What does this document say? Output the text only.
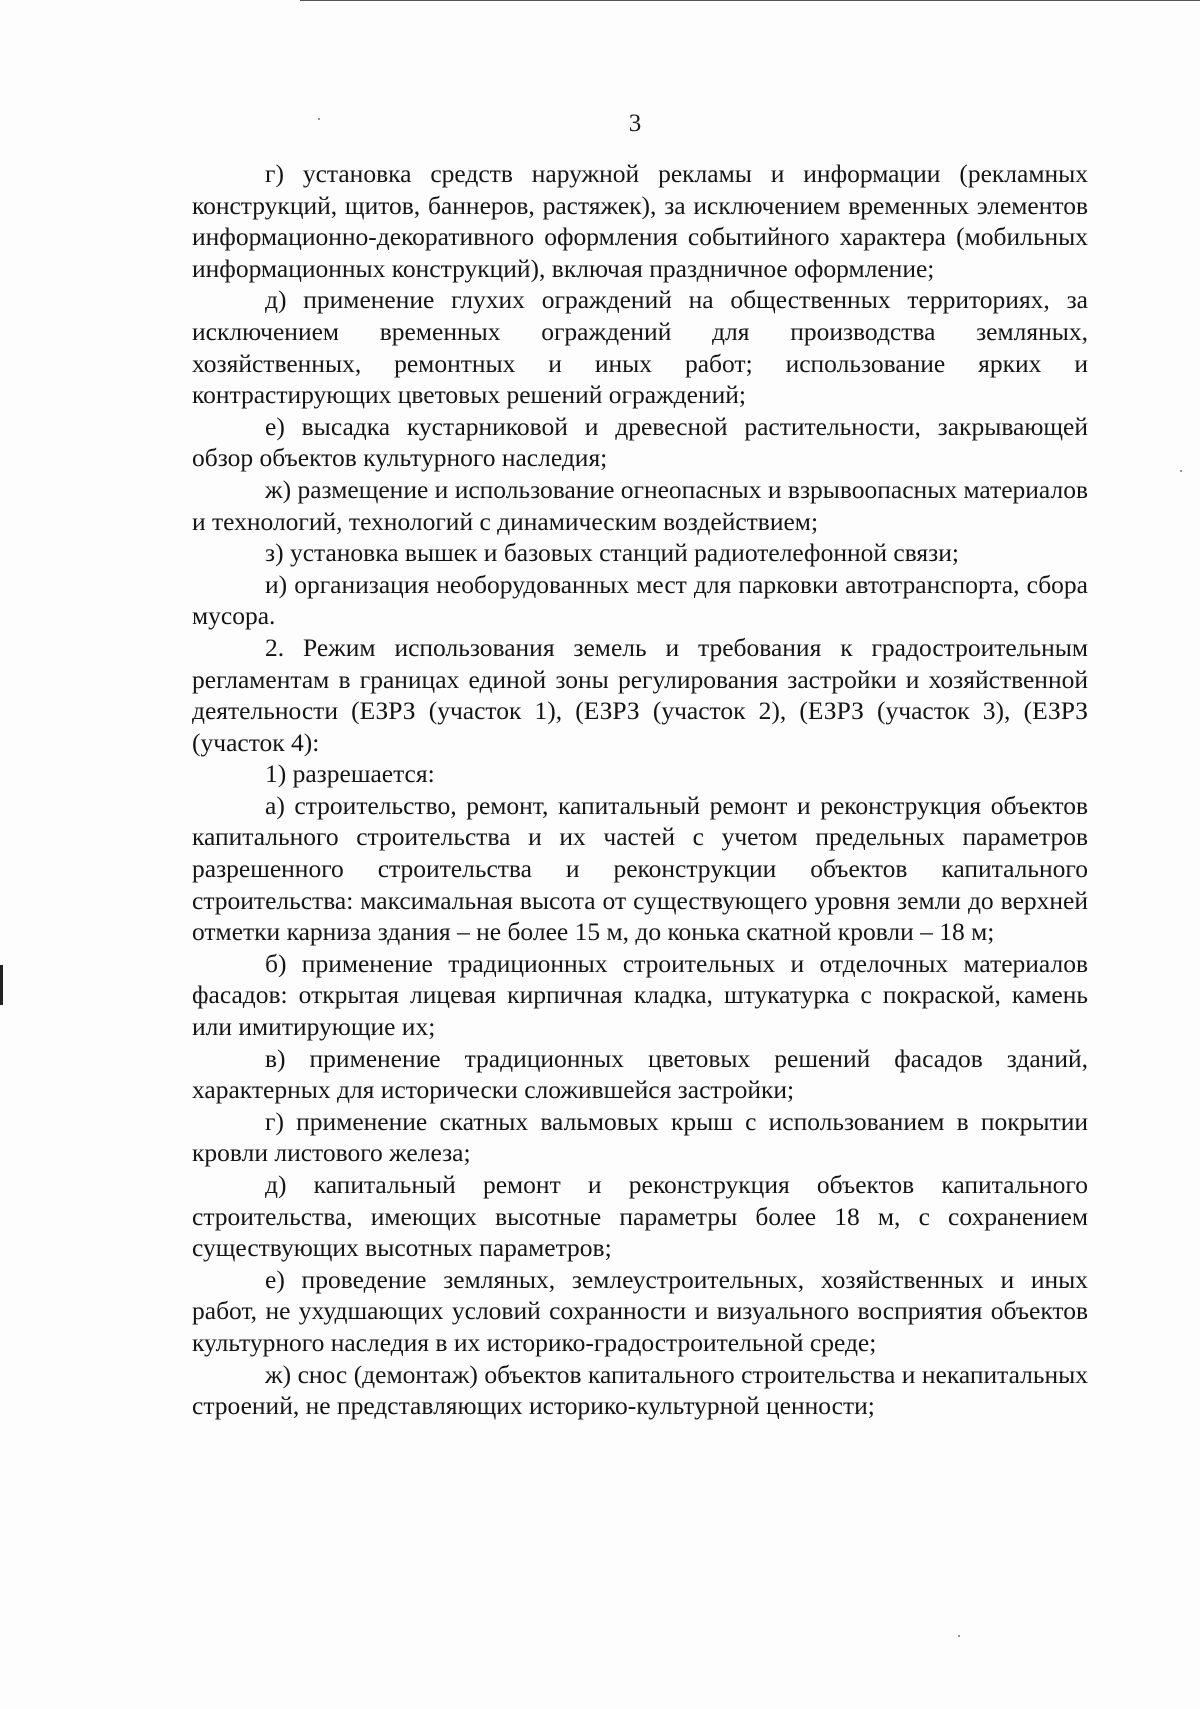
3

г) установка средств наружной рекламы и информации (рекламных конструкций, щитов, баннеров, растяжек), за исключением временных элементов информационно-декоративного оформления событийного характера (мобильных информационных конструкций), включая праздничное оформление;

д) применение глухих ограждений на общественных территориях, за исключением временных ограждений для производства земляных, хозяйственных, ремонтных и иных работ; использование ярких и контрастирующих цветовых решений ограждений;

е) высадка кустарниковой и древесной растительности, закрывающей обзор объектов культурного наследия;

ж) размещение и использование огнеопасных и взрывоопасных материалов и технологий, технологий с динамическим воздействием;

з) установка вышек и базовых станций радиотелефонной связи;

и) организация необорудованных мест для парковки автотранспорта, сбора мусора.

2. Режим использования земель и требования к градостроительным регламентам в границах единой зоны регулирования застройки и хозяйственной деятельности (ЕЗРЗ (участок 1), (ЕЗРЗ (участок 2), (ЕЗРЗ (участок 3), (ЕЗРЗ (участок 4):

1) разрешается:

а) строительство, ремонт, капитальный ремонт и реконструкция объектов капитального строительства и их частей с учетом предельных параметров разрешенного строительства и реконструкции объектов капитального строительства: максимальная высота от существующего уровня земли до верхней отметки карниза здания – не более 15 м, до конька скатной кровли – 18 м;

б) применение традиционных строительных и отделочных материалов фасадов: открытая лицевая кирпичная кладка, штукатурка с покраской, камень или имитирующие их;

в) применение традиционных цветовых решений фасадов зданий, характерных для исторически сложившейся застройки;

г) применение скатных вальмовых крыш с использованием в покрытии кровли листового железа;

д) капитальный ремонт и реконструкция объектов капитального строительства, имеющих высотные параметры более 18 м, с сохранением существующих высотных параметров;

е) проведение земляных, землеустроительных, хозяйственных и иных работ, не ухудшающих условий сохранности и визуального восприятия объектов культурного наследия в их историко-градостроительной среде;

ж) снос (демонтаж) объектов капитального строительства и некапитальных строений, не представляющих историко-культурной ценности;
